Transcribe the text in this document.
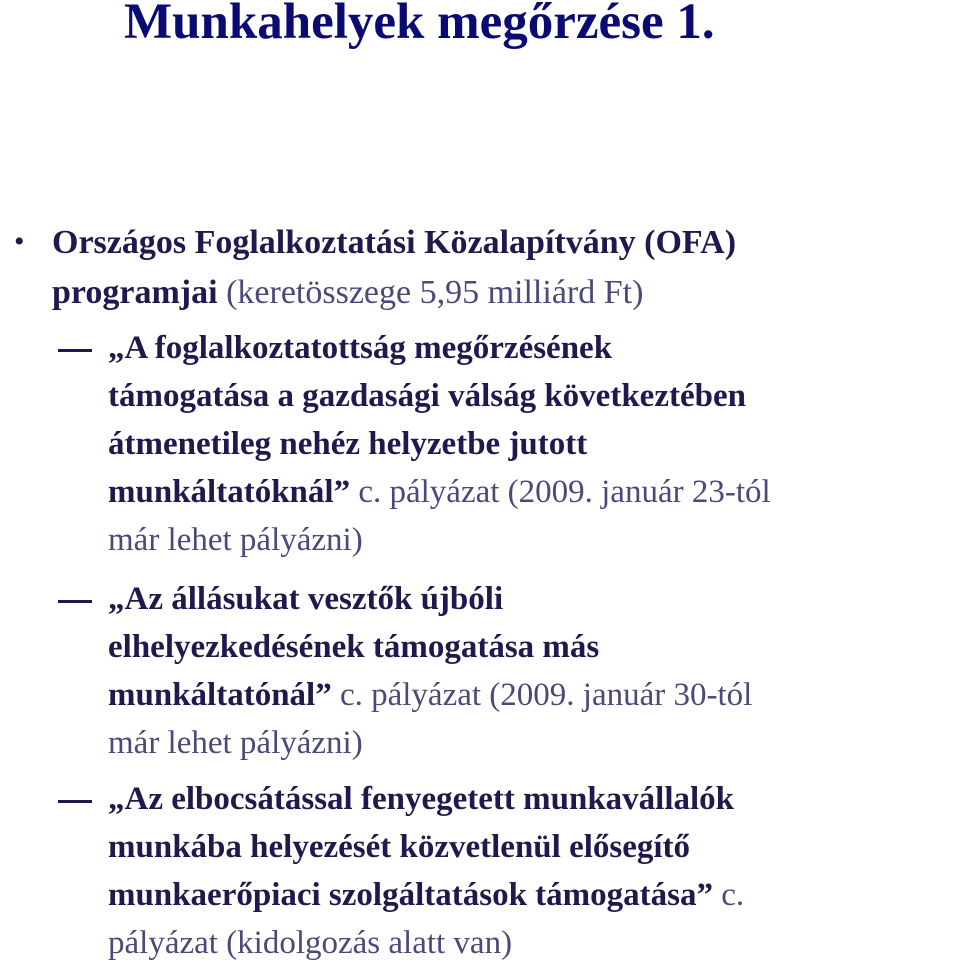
Munkahelyek megőrzése 1.
• Országos Foglalkoztatási Közalapítvány (OFA)
programjai (keretösszege 5,95 milliárd Ft)

„A foglalkoztatottság megőrzésének
támogatása a gazdasági válság következtében
átmenetileg nehéz helyzetbe jutott
munkáltatóknál” c. pályázat (2009. január 23-tól
már lehet pályázni)

„Az állásukat vesztők újbóli
elhelyezkedésének támogatása más
munkáltatónál” c. pályázat (2009. január 30-tól
már lehet pályázni)

„Az elbocsátással fenyegetett munkavállalók
munkába helyezését közvetlenül elősegítő
munkaerőpiaci szolgáltatások támogatása” c.
pályázat (kidolgozás alatt van)
